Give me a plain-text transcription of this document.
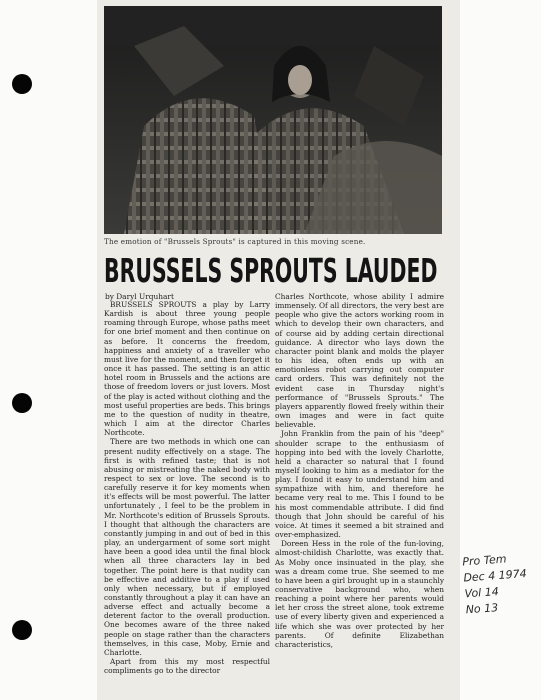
The emotion of "Brussels Sprouts" is captured in this moving scene.
BRUSSELS SPROUTS LAUDED
by Daryl Urquhart

BRUSSELS SPROUTS a play by Larry Kardish is about three young people roaming through Europe, whose paths meet for one brief moment and then continue on as before. It concerns the freedom, happiness and anxiety of a traveller who must live for the moment, and then forget it once it has passed. The setting is an attic hotel room in Brussels and the actions are those of freedom lovers or just lovers. Most of the play is acted without clothing and the most useful properties are beds. This brings me to the question of nudity in theatre, which I aim at the director Charles Northcote.

There are two methods in which one can present nudity effectively on a stage. The first is with refined taste; that is not abusing or mistreating the naked body with respect to sex or love. The second is to carefully reserve it for key moments when it's effects will be most powerful. The latter unfortunately , I feel to be the problem in Mr. Northcote's edition of Brussels Sprouts. I thought that although the characters are constantly jumping in and out of bed in this play, an undergarment of some sort might have been a good idea until the final block when all three characters lay in bed together. The point here is that nudity can be effective and additive to a play if used only when necessary, but if employed constantly throughout a play it can have an adverse effect and actually become a deterent factor to the overall production. One becomes aware of the three naked people on stage rather than the characters themselves, in this case, Moby, Ernie and Charlotte.

Apart from this my most respectful compliments go to the director

Charles Northcote, whose ability I admire immensely. Of all directors, the very best are people who give the actors working room in which to develop their own characters, and of course aid by adding certain directional guidance. A director who lays down the character point blank and molds the player to his idea, often ends up with an emotionless robot carrying out computer card orders. This was definitely not the evident case in Thursday night's performance of "Brussels Sprouts." The players apparently flowed freely within their own images and were in fact quite believable.

John Franklin from the pain of his "deep" shoulder scrape to the enthusiasm of hopping into bed with the lovely Charlotte, held a character so natural that I found myself looking to him as a mediator for the play. I found it easy to understand him and sympathize with him, and therefore he became very real to me. This I found to be his most commendable attribute. I did find though that John should be careful of his voice. At times it seemed a bit strained and over-emphasized.

Doreen Hess in the role of the fun-loving, almost-childish Charlotte, was exactly that. As Moby once insinuated in the play, she was a dream come true. She seemed to me to have been a girl brought up in a staunchly conservative background who, when reaching a point where her parents would let her cross the street alone, took extreme use of every liberty given and experienced a life which she was over protected by her parents. Of definite Elizabethan characteristics,

Pro Tem
Dec 4 1974
Vol 14
No 13
